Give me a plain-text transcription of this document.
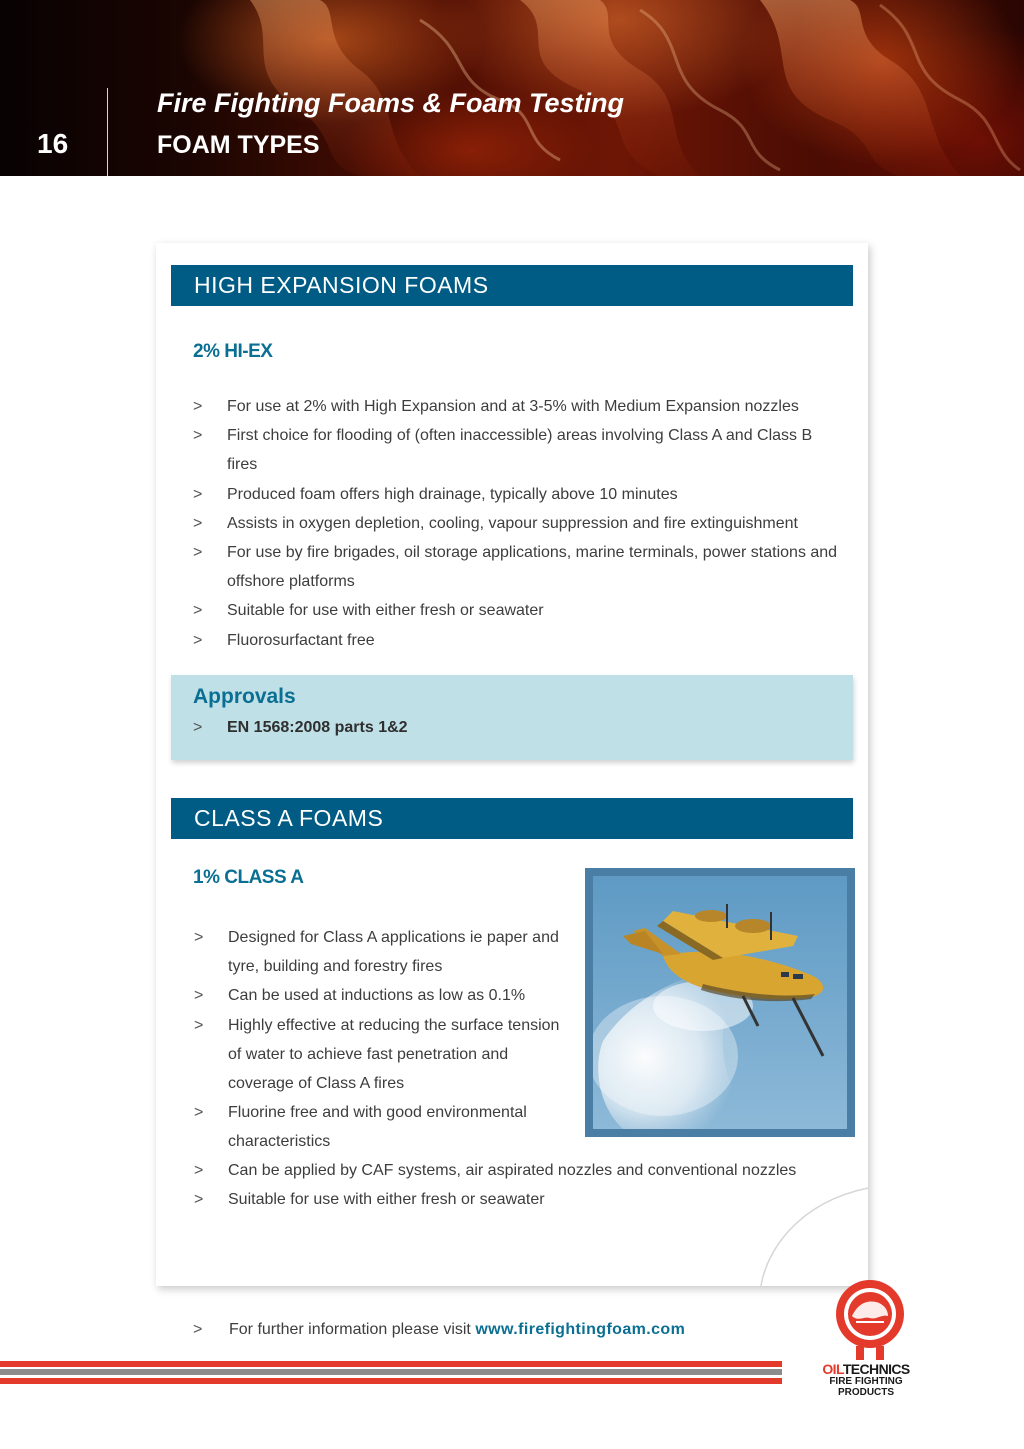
16
Fire Fighting Foams & Foam Testing
FOAM TYPES
HIGH EXPANSION FOAMS
2% HI-EX
> For use at 2% with High Expansion and at 3-5% with Medium Expansion nozzles
> First choice for flooding of (often inaccessible) areas involving Class A and Class B fires
> Produced foam offers high drainage, typically above 10 minutes
> Assists in oxygen depletion, cooling, vapour suppression and fire extinguishment
> For use by fire brigades, oil storage applications, marine terminals, power stations and offshore platforms
> Suitable for use with either fresh or seawater
> Fluorosurfactant free
Approvals
> EN 1568:2008 parts 1&2
CLASS A FOAMS
1% CLASS A
> Designed for Class A applications ie paper and tyre, building and forestry fires
> Can be used at inductions as low as 0.1%
> Highly effective at reducing the surface tension of water to achieve fast penetration and coverage of Class A fires
> Fluorine free and with good environmental characteristics
> Can be applied by CAF systems, air aspirated nozzles and conventional nozzles
> Suitable for use with either fresh or seawater
> For further information please visit www.firefightingfoam.com
OILTECHNICS
FIRE FIGHTING
PRODUCTS
